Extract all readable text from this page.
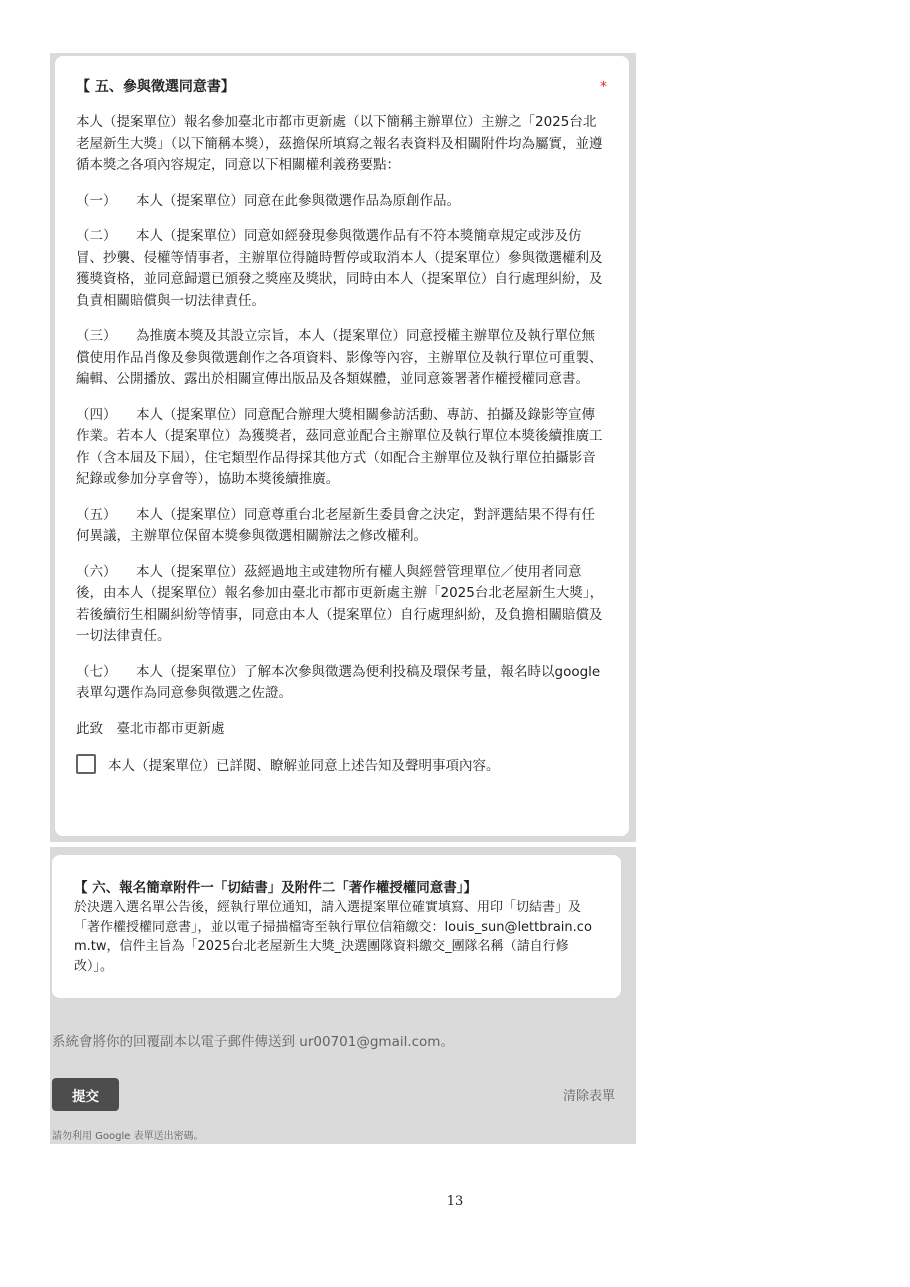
【 五、參與徵選同意書】	*

本人（提案單位）報名參加臺北市都市更新處（以下簡稱主辦單位）主辦之「2025台北老屋新生大獎」（以下簡稱本獎），茲擔保所填寫之報名表資料及相關附件均為屬實，並遵循本獎之各項內容規定，同意以下相關權利義務要點：

（一） 本人（提案單位）同意在此參與徵選作品為原創作品。

（二） 本人（提案單位）同意如經發現參與徵選作品有不符本獎簡章規定或涉及仿冒、抄襲、侵權等情事者，主辦單位得隨時暫停或取消本人（提案單位）參與徵選權利及獲獎資格，並同意歸還已頒發之獎座及獎狀，同時由本人（提案單位）自行處理糾紛，及負責相關賠償與一切法律責任。

（三） 為推廣本獎及其設立宗旨，本人（提案單位）同意授權主辦單位及執行單位無償使用作品肖像及參與徵選創作之各項資料、影像等內容，主辦單位及執行單位可重製、編輯、公開播放、露出於相關宣傳出版品及各類媒體，並同意簽署著作權授權同意書。

（四） 本人（提案單位）同意配合辦理大獎相關參訪活動、專訪、拍攝及錄影等宣傳作業。若本人（提案單位）為獲獎者，茲同意並配合主辦單位及執行單位本獎後續推廣工作（含本屆及下屆），住宅類型作品得採其他方式（如配合主辦單位及執行單位拍攝影音紀錄或參加分享會等），協助本獎後續推廣。

（五） 本人（提案單位）同意尊重台北老屋新生委員會之決定，對評選結果不得有任何異議，主辦單位保留本獎參與徵選相關辦法之修改權利。

（六） 本人（提案單位）茲經過地主或建物所有權人與經營管理單位／使用者同意後，由本人（提案單位）報名參加由臺北市都市更新處主辦「2025台北老屋新生大獎」，若後續衍生相關糾紛等情事，同意由本人（提案單位）自行處理糾紛，及負擔相關賠償及一切法律責任。

（七） 本人（提案單位）了解本次參與徵選為便利投稿及環保考量，報名時以google表單勾選作為同意參與徵選之佐證。

此致　臺北市都市更新處

本人（提案單位）已詳閱、瞭解並同意上述告知及聲明事項內容。

【 六、報名簡章附件一「切結書」及附件二「著作權授權同意書」】

於決選入選名單公告後，經執行單位通知，請入選提案單位確實填寫、用印「切結書」及「著作權授權同意書」，並以電子掃描檔寄至執行單位信箱繳交：louis_sun@lettbrain.com.tw，信件主旨為「2025台北老屋新生大獎_決選團隊資料繳交_團隊名稱（請自行修改）」。

系統會將你的回覆副本以電子郵件傳送到 ur00701@gmail.com。
提交	清除表單
請勿利用 Google 表單送出密碼。
13
